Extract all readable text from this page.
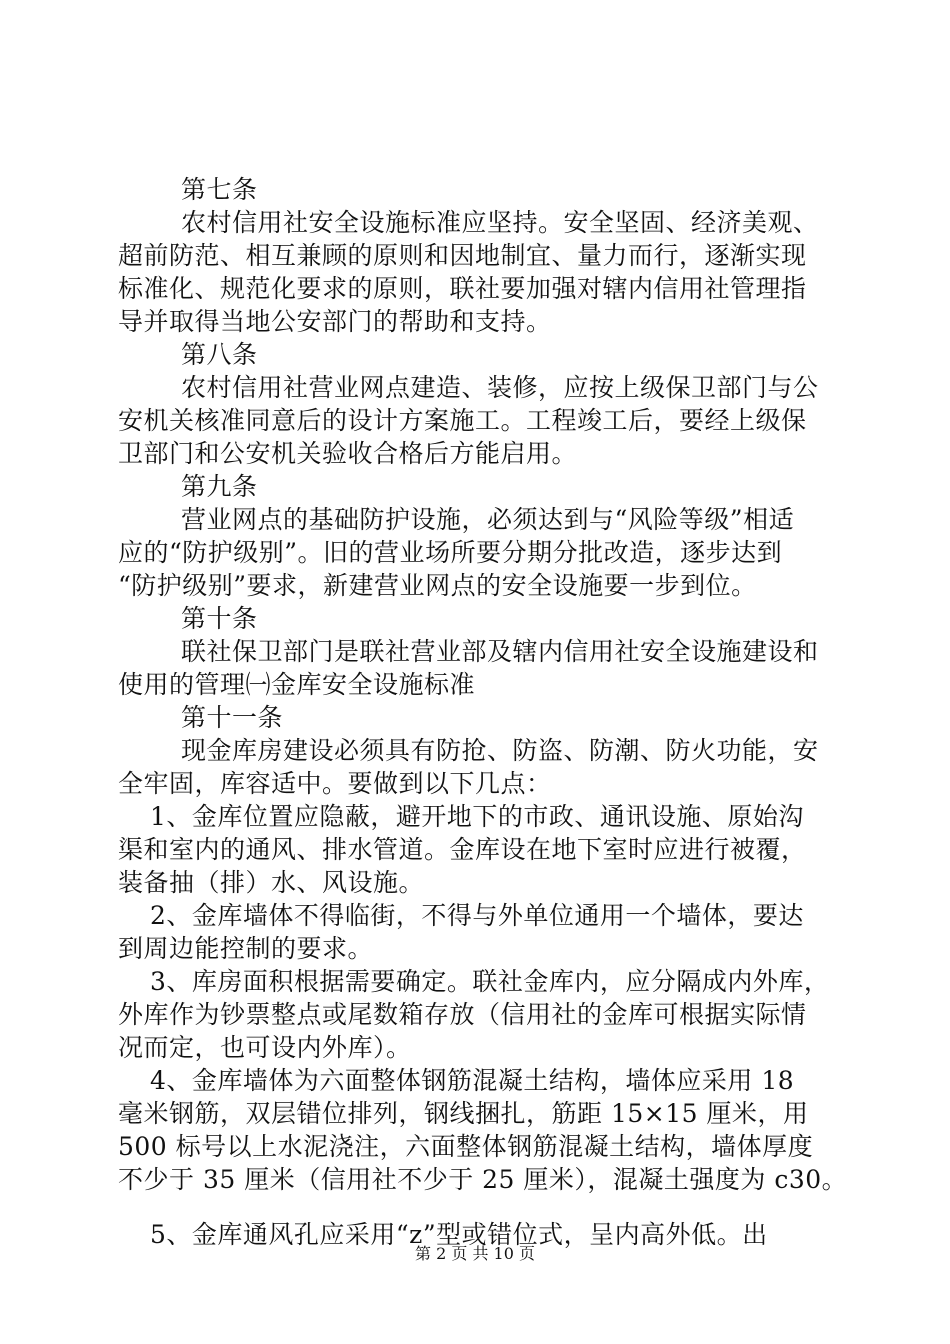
第七条
农村信用社安全设施标准应坚持。安全坚固、经济美观、
超前防范、相互兼顾的原则和因地制宜、量力而行，逐渐实现
标准化、规范化要求的原则，联社要加强对辖内信用社管理指
导并取得当地公安部门的帮助和支持。
第八条
农村信用社营业网点建造、装修，应按上级保卫部门与公
安机关核准同意后的设计方案施工。工程竣工后，要经上级保
卫部门和公安机关验收合格后方能启用。
第九条
营业网点的基础防护设施，必须达到与“风险等级”相适
应的“防护级别”。旧的营业场所要分期分批改造，逐步达到
“防护级别”要求，新建营业网点的安全设施要一步到位。
第十条
联社保卫部门是联社营业部及辖内信用社安全设施建设和
使用的管理㈠金库安全设施标准
第十一条
现金库房建设必须具有防抢、防盗、防潮、防火功能，安
全牢固，库容适中。要做到以下几点：
1、金库位置应隐蔽，避开地下的市政、通讯设施、原始沟
渠和室内的通风、排水管道。金库设在地下室时应进行被覆，
装备抽（排）水、风设施。
2、金库墙体不得临街，不得与外单位通用一个墙体，要达
到周边能控制的要求。
3、库房面积根据需要确定。联社金库内，应分隔成内外库，
外库作为钞票整点或尾数箱存放（信用社的金库可根据实际情
况而定，也可设内外库）。
4、金库墙体为六面整体钢筋混凝土结构，墙体应采用 18
毫米钢筋，双层错位排列，钢线捆扎，筋距 15×15 厘米，用
500 标号以上水泥浇注，六面整体钢筋混凝土结构，墙体厚度
不少于 35 厘米（信用社不少于 25 厘米），混凝土强度为 c30。
5、金库通风孔应采用“z”型或错位式，呈内高外低。出
第 2 页 共 10 页
